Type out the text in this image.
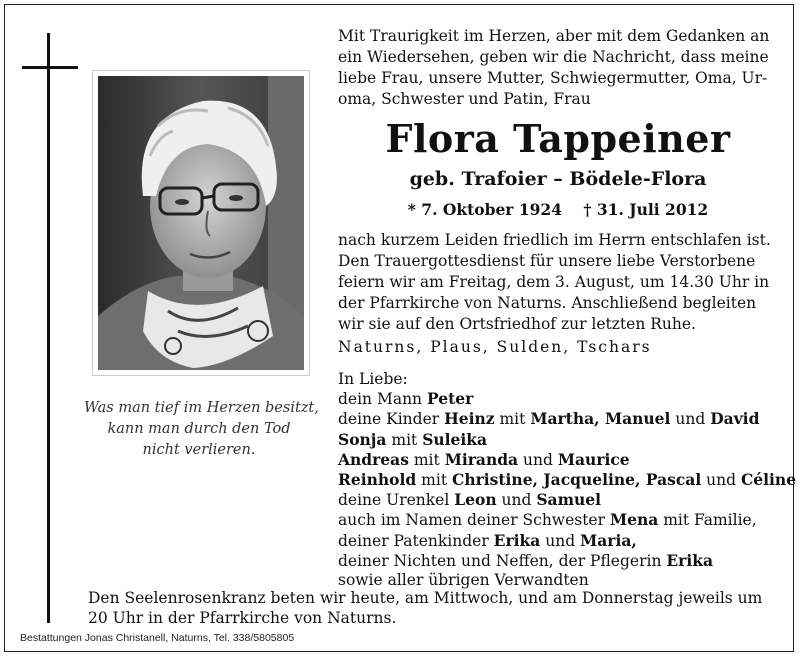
Was man tief im Herzen besitzt,
kann man durch den Tod
nicht verlieren.
Mit Traurigkeit im Herzen, aber mit dem Gedanken an
ein Wiedersehen, geben wir die Nachricht, dass meine
liebe Frau, unsere Mutter, Schwiegermutter, Oma, Ur-
oma, Schwester und Patin, Frau
Flora Tappeiner
geb. Trafoier – Bödele-Flora
* 7. Oktober 1924 † 31. Juli 2012
nach kurzem Leiden friedlich im Herrn entschlafen ist.
Den Trauergottesdienst für unsere liebe Verstorbene
feiern wir am Freitag, dem 3. August, um 14.30 Uhr in
der Pfarrkirche von Naturns. Anschließend begleiten
wir sie auf den Ortsfriedhof zur letzten Ruhe.
Naturns, Plaus, Sulden, Tschars
In Liebe:
dein Mann Peter
deine Kinder Heinz mit Martha, Manuel und David
Sonja mit Suleika
Andreas mit Miranda und Maurice
Reinhold mit Christine, Jacqueline, Pascal und Céline
deine Urenkel Leon und Samuel
auch im Namen deiner Schwester Mena mit Familie,
deiner Patenkinder Erika und Maria,
deiner Nichten und Neffen, der Pflegerin Erika
sowie aller übrigen Verwandten
Den Seelenrosenkranz beten wir heute, am Mittwoch, und am Donnerstag jeweils um
20 Uhr in der Pfarrkirche von Naturns.
Bestattungen Jonas Christanell, Naturns, Tel. 338/5805805
